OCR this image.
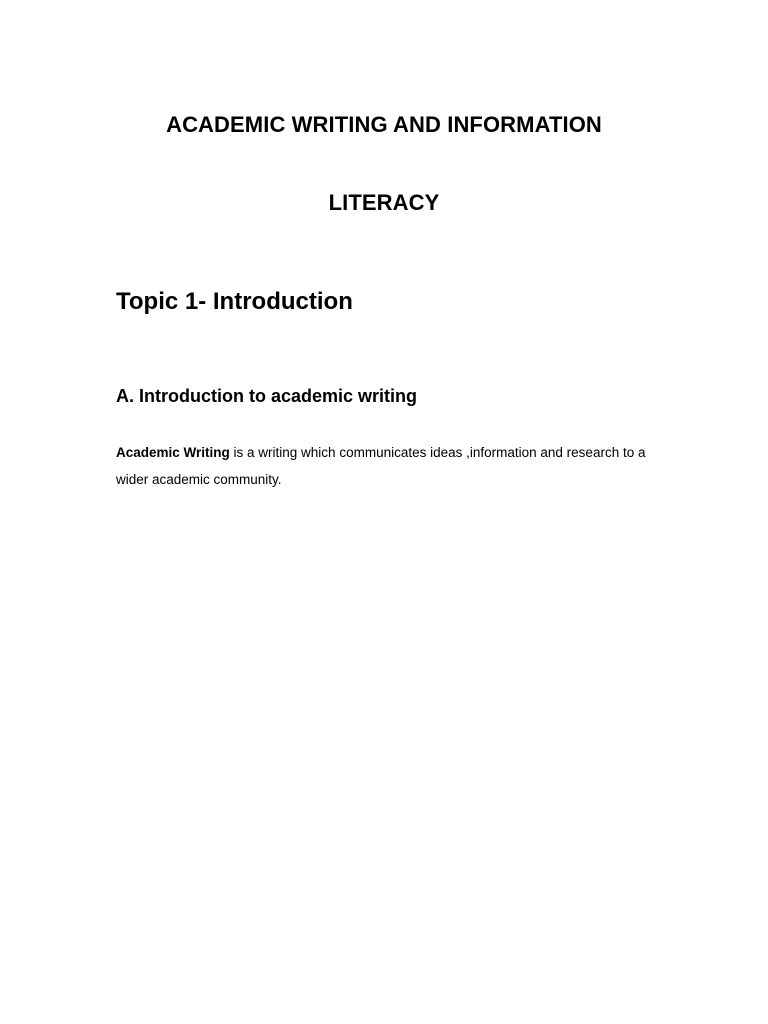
ACADEMIC WRITING AND INFORMATION
LITERACY
Topic 1- Introduction
A. Introduction to academic writing

Academic Writing is a writing which communicates ideas ,information and research to a wider academic community.
